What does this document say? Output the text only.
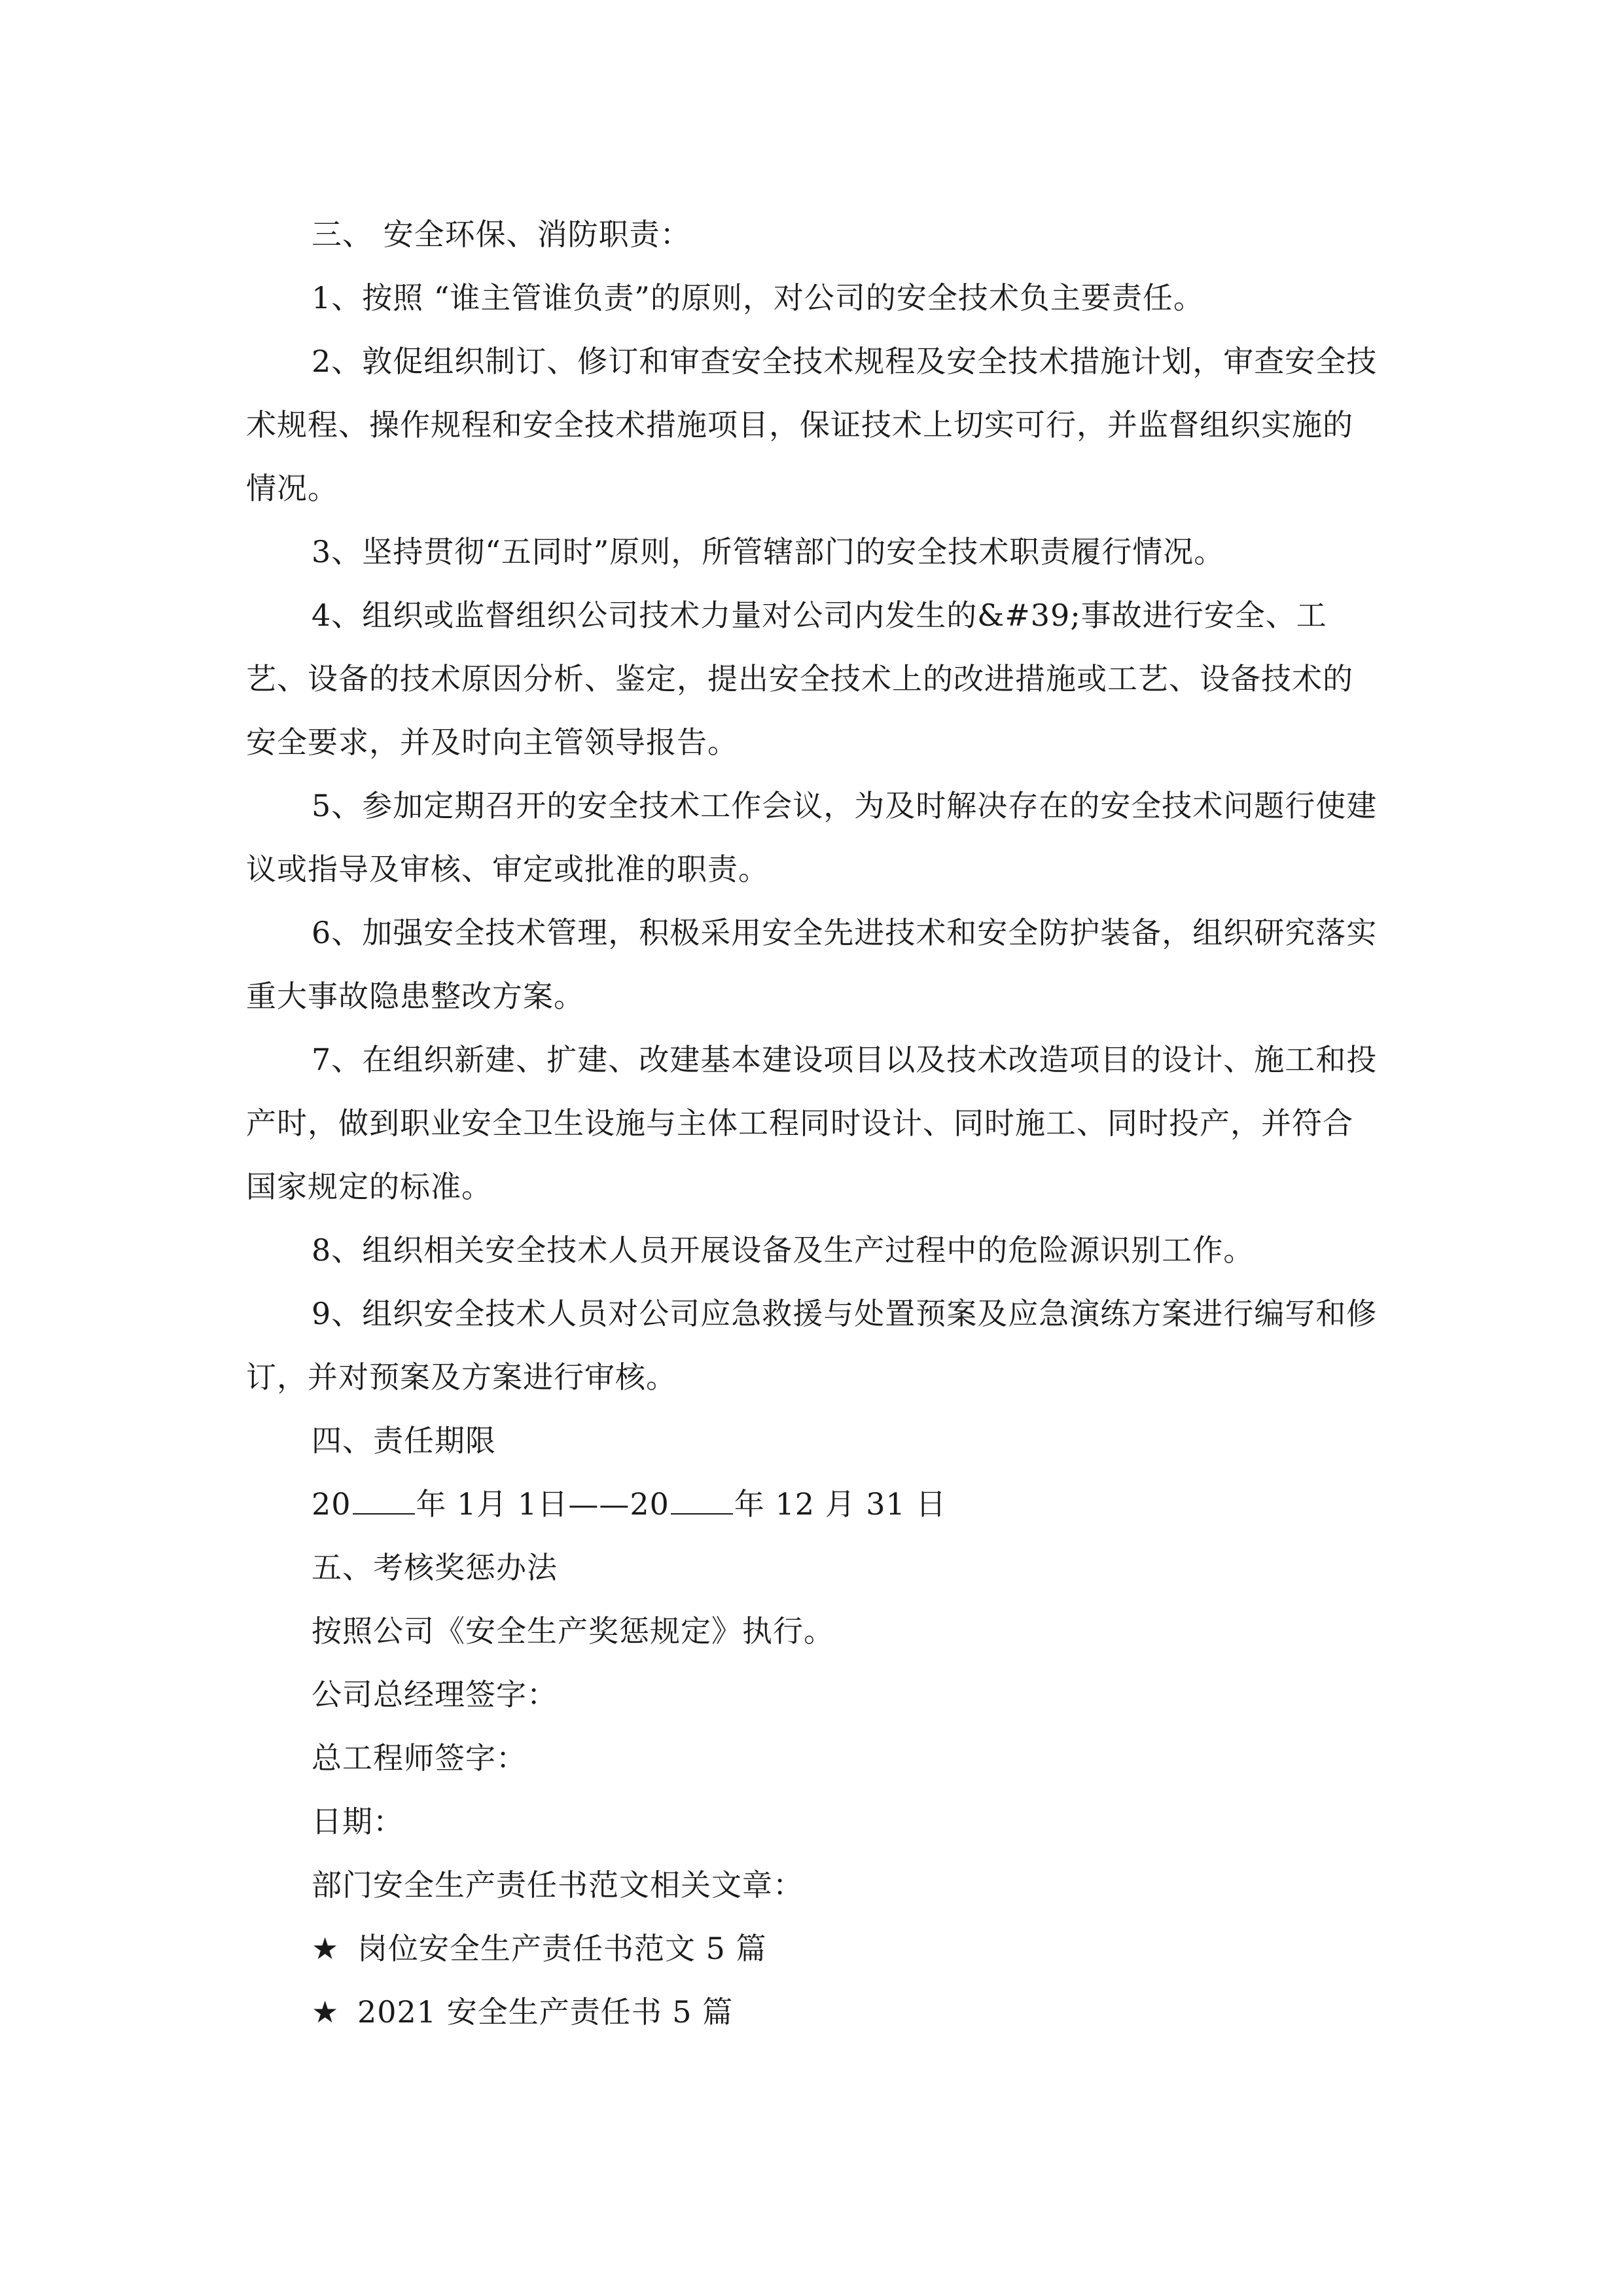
三、 安全环保、消防职责：

1、按照 “谁主管谁负责”的原则，对公司的安全技术负主要责任。

2、敦促组织制订、修订和审查安全技术规程及安全技术措施计划，审查安全技术规程、操作规程和安全技术措施项目，保证技术上切实可行，并监督组织实施的情况。

3、坚持贯彻“五同时”原则，所管辖部门的安全技术职责履行情况。

4、组织或监督组织公司技术力量对公司内发生的&#39;事故进行安全、工艺、设备的技术原因分析、鉴定，提出安全技术上的改进措施或工艺、设备技术的安全要求，并及时向主管领导报告。

5、参加定期召开的安全技术工作会议，为及时解决存在的安全技术问题行使建议或指导及审核、审定或批准的职责。

6、加强安全技术管理，积极采用安全先进技术和安全防护装备，组织研究落实重大事故隐患整改方案。

7、在组织新建、扩建、改建基本建设项目以及技术改造项目的设计、施工和投产时，做到职业安全卫生设施与主体工程同时设计、同时施工、同时投产，并符合国家规定的标准。

8、组织相关安全技术人员开展设备及生产过程中的危险源识别工作。

9、组织安全技术人员对公司应急救援与处置预案及应急演练方案进行编写和修订，并对预案及方案进行审核。

四、责任期限

20 年 1月 1日——20 年 12 月 31 日

五、考核奖惩办法

按照公司《安全生产奖惩规定》执行。

公司总经理签字：

总工程师签字：

日期：

部门安全生产责任书范文相关文章：

★ 岗位安全生产责任书范文 5 篇

★ 2021 安全生产责任书 5 篇
